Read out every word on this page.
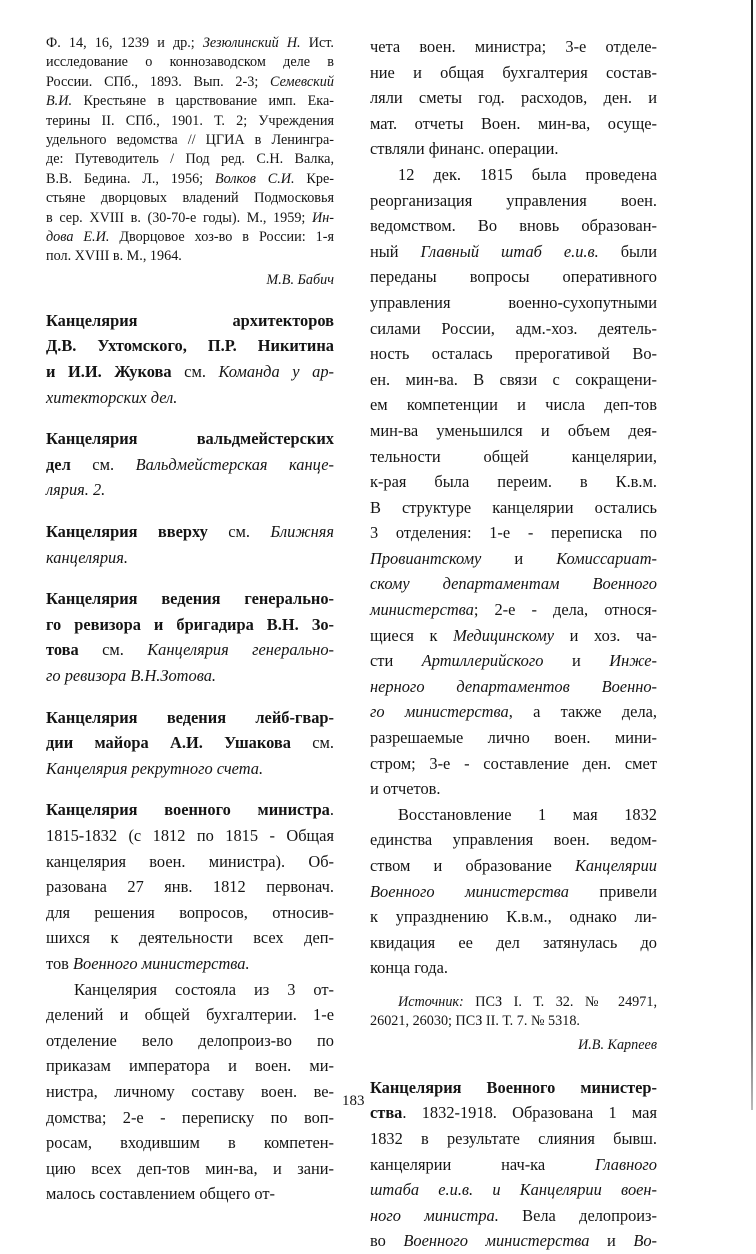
Ф. 14, 16, 1239 и др.; Зезюлинский Н. Ист.
исследование о коннозаводском деле в
России. СПб., 1893. Вып. 2-3; Семевский
В.И. Крестьяне в царствование имп. Ека-
терины II. СПб., 1901. Т. 2; Учреждения
удельного ведомства // ЦГИА в Ленингра-
де: Путеводитель / Под ред. С.Н. Валка,
В.В. Бедина. Л., 1956; Волков С.И. Кре-
стьяне дворцовых владений Подмосковья
в сер. XVIII в. (30-70-е годы). М., 1959; Ин-
дова Е.И. Дворцовое хоз-во в России: 1-я
пол. XVIII в. М., 1964.
М.В. Бабич
Канцелярия архитекторов
Д.В. Ухтомского, П.Р. Никитина
и И.И. Жукова см. Команда у ар-
хитекторских дел.
Канцелярия вальдмейстерских
дел см. Вальдмейстерская канце-
лярия. 2.
Канцелярия вверху см. Ближняя
канцелярия.
Канцелярия ведения генерально-
го ревизора и бригадира В.Н. Зо-
това см. Канцелярия генерально-
го ревизора В.Н.Зотова.
Канцелярия ведения лейб-гвар-
дии майора А.И. Ушакова см.
Канцелярия рекрутного счета.
Канцелярия военного министра.
1815-1832 (с 1812 по 1815 - Общая
канцелярия воен. министра). Об-
разована 27 янв. 1812 первонач.
для решения вопросов, относив-
шихся к деятельности всех деп-
тов Военного министерства.
Канцелярия состояла из 3 от-
делений и общей бухгалтерии. 1-е
отделение вело делопроиз-во по
приказам императора и воен. ми-
нистра, личному составу воен. ве-
домства; 2-е - переписку по воп-
росам, входившим в компетен-
цию всех деп-тов мин-ва, и зани-
малось составлением общего от-
чета воен. министра; 3-е отделе-
ние и общая бухгалтерия состав-
ляли сметы год. расходов, ден. и
мат. отчеты Воен. мин-ва, осуще-
ствляли финанс. операции.
12 дек. 1815 была проведена
реорганизация управления воен.
ведомством. Во вновь образован-
ный Главный штаб е.и.в. были
переданы вопросы оперативного
управления военно-сухопутными
силами России, адм.-хоз. деятель-
ность осталась прерогативой Во-
ен. мин-ва. В связи с сокращени-
ем компетенции и числа деп-тов
мин-ва уменьшился и объем дея-
тельности общей канцелярии,
к-рая была переим. в К.в.м.
В структуре канцелярии остались
3 отделения: 1-е - переписка по
Провиантскому и Комиссариат-
скому департаментам Военного
министерства; 2-е - дела, относя-
щиеся к Медицинскому и хоз. ча-
сти Артиллерийского и Инже-
нерного департаментов Военно-
го министерства, а также дела,
разрешаемые лично воен. мини-
стром; 3-е - составление ден. смет
и отчетов.
Восстановление 1 мая 1832
единства управления воен. ведом-
ством и образование Канцелярии
Военного министерства привели
к упразднению К.в.м., однако ли-
квидация ее дел затянулась до
конца года.
Источник: ПСЗ I. Т. 32. № 24971,
26021, 26030; ПСЗ II. Т. 7. № 5318.
И.В. Карпеев
Канцелярия Военного министер-
ства. 1832-1918. Образована 1 мая
1832 в результате слияния бывш.
канцелярии нач-ка Главного
штаба е.и.в. и Канцелярии воен-
ного министра. Вела делопроиз-
во Военного министерства и Во-
183
